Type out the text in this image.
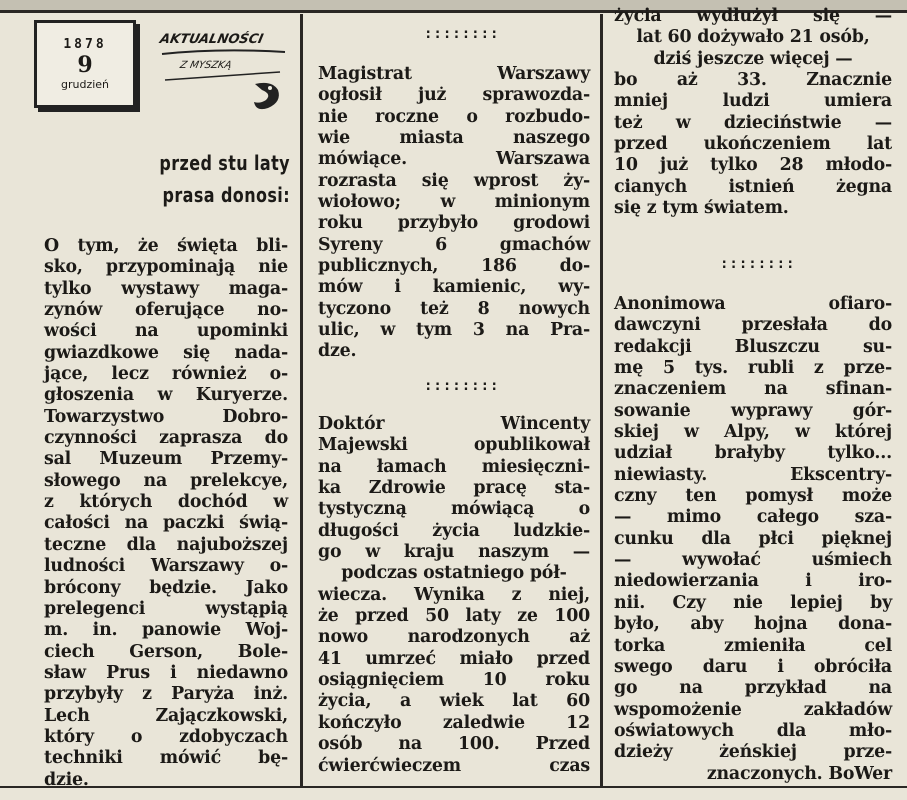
1878
9
grudzień
AKTUALNOŚCI
Z MYSZKĄ
przed stu laty
prasa donosi:
::::::::
::::::::
::::::::
O tym, że święta bli-
sko, przypominają nie
tylko wystawy maga-
zynów oferujące no-
wości na upominki
gwiazdkowe się nada-
jące, lecz również o-
głoszenia w Kuryerze.
Towarzystwo Dobro-
czynności zaprasza do
sal Muzeum Przemy-
słowego na prelekcye,
z których dochód w
całości na paczki świą-
teczne dla najuboższej
ludności Warszawy o-
brócony będzie. Jako
prelegenci wystąpią
m. in. panowie Woj-
ciech Gerson, Bole-
sław Prus i niedawno
przybyły z Paryża inż.
Lech Zajączkowski,
który o zdobyczach
techniki mówić bę-
dzie.
Magistrat Warszawy
ogłosił już sprawozda-
nie roczne o rozbudo-
wie miasta naszego
mówiące. Warszawa
rozrasta się wprost ży-
wiołowo; w minionym
roku przybyło grodowi
Syreny 6 gmachów
publicznych, 186 do-
mów i kamienic, wy-
tyczono też 8 nowych
ulic, w tym 3 na Pra-
dze.
Doktór Wincenty
Majewski opublikował
na łamach miesięczni-
ka Zdrowie pracę sta-
tystyczną mówiącą o
długości życia ludzkie-
go w kraju naszym —
podczas ostatniego pół-
wiecza. Wynika z niej,
że przed 50 laty ze 100
nowo narodzonych aż
41 umrzeć miało przed
osiągnięciem 10 roku
życia, a wiek lat 60
kończyło zaledwie 12
osób na 100. Przed
ćwierćwieczem czas
życia wydłużył się —
lat 60 dożywało 21 osób,
dziś jeszcze więcej —
bo aż 33. Znacznie
mniej ludzi umiera
też w dzieciństwie —
przed ukończeniem lat
10 już tylko 28 młodo-
cianych istnień żegna
się z tym światem.
Anonimowa ofiaro-
dawczyni przesłała do
redakcji Bluszczu su-
mę 5 tys. rubli z prze-
znaczeniem na sfinan-
sowanie wyprawy gór-
skiej w Alpy, w której
udział brałyby tylko...
niewiasty. Ekscentry-
czny ten pomysł może
— mimo całego sza-
cunku dla płci pięknej
— wywołać uśmiech
niedowierzania i iro-
nii. Czy nie lepiej by
było, aby hojna dona-
torka zmieniła cel
swego daru i obróciła
go na przykład na
wspomożenie zakładów
oświatowych dla mło-
dzieży żeńskiej prze-
znaczonych. BoWer
